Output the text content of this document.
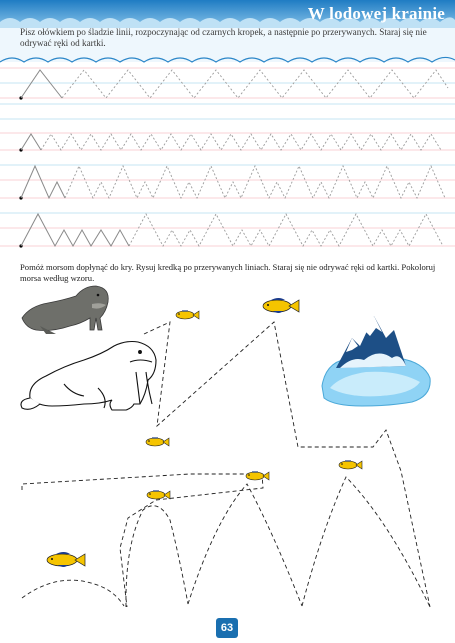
W lodowej krainie
Pisz ołówkiem po śladzie linii, rozpoczynając od czarnych kropek, a następnie po przerywanych. Staraj się nie odrywać ręki od kartki.
Pomóż morsom dopłynąć do kry. Rysuj kredką po przerywanych liniach. Staraj się nie odrywać ręki od kartki. Pokoloruj morsa według wzoru.
63
